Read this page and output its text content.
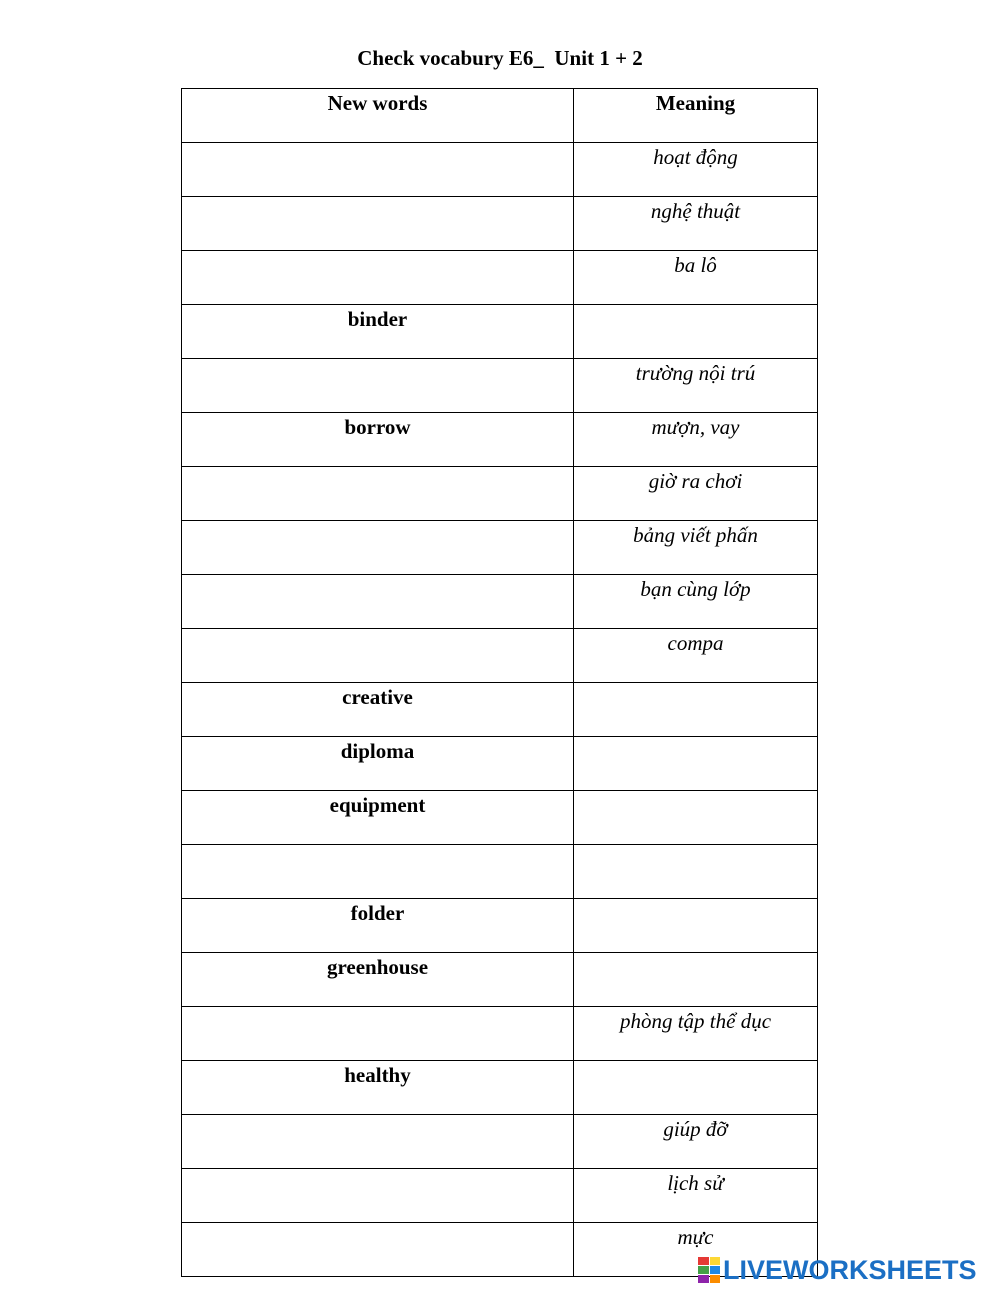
Check vocabury E6_  Unit 1 + 2
New words	Meaning
	hoạt động
	nghệ thuật
	ba lô
binder	
	trường nội trú
borrow	mượn, vay
	giờ ra chơi
	bảng viết phấn
	bạn cùng lớp
	compa
creative	
diploma	
equipment	

folder	
greenhouse	
	phòng tập thể dục
healthy	
	giúp đỡ
	lịch sử
	mực
LIVEWORKSHEETS
